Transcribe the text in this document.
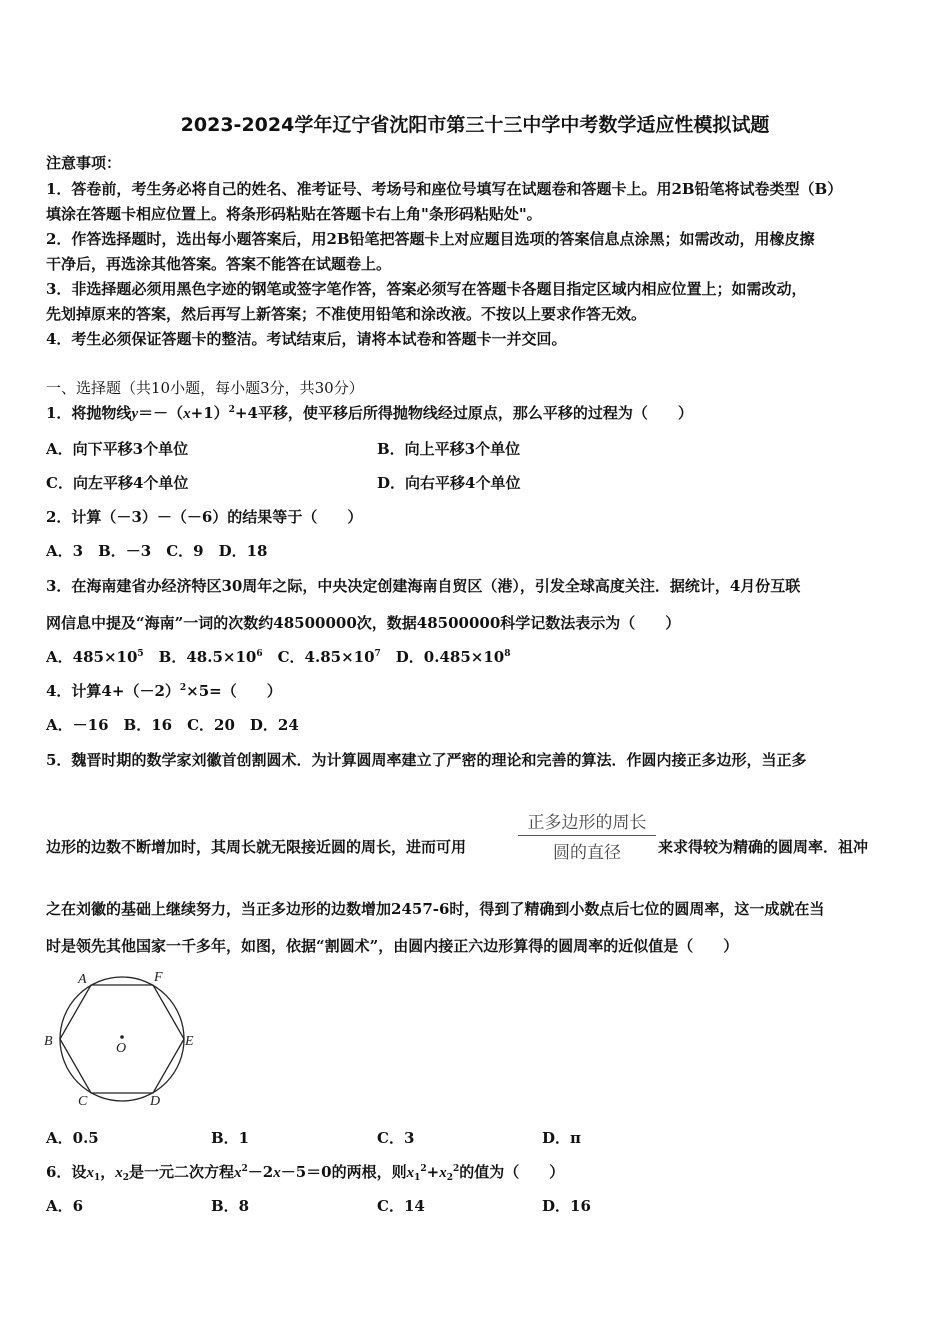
2023-2024学年辽宁省沈阳市第三十三中学中考数学适应性模拟试题
注意事项：
1．答卷前，考生务必将自己的姓名、准考证号、考场号和座位号填写在试题卷和答题卡上。用2B铅笔将试卷类型（B）
填涂在答题卡相应位置上。将条形码粘贴在答题卡右上角"条形码粘贴处"。
2．作答选择题时，选出每小题答案后，用2B铅笔把答题卡上对应题目选项的答案信息点涂黑；如需改动，用橡皮擦
干净后，再选涂其他答案。答案不能答在试题卷上。
3．非选择题必须用黑色字迹的钢笔或签字笔作答，答案必须写在答题卡各题目指定区域内相应位置上；如需改动，
先划掉原来的答案，然后再写上新答案；不准使用铅笔和涂改液。不按以上要求作答无效。
4．考生必须保证答题卡的整洁。考试结束后，请将本试卷和答题卡一并交回。
一、选择题（共10小题，每小题3分，共30分）
1．将抛物线$y=-(x+1)^2+4$平移，使平移后所得抛物线经过原点，那么平移的过程为（　　）
A．向下平移3个单位	B．向上平移3个单位
C．向左平移4个单位	D．向右平移4个单位
2．计算（－3）－（－6）的结果等于（　　）
A．3　B．－3　C．9　D．18
3．在海南建省办经济特区30周年之际，中央决定创建海南自贸区（港），引发全球高度关注．据统计，4月份互联
网信息中提及“海南”一词的次数约48500000次，数据48500000科学记数法表示为（　　）
A．$485\times 10^5$　B．$48.5\times 10^6$　C．$4.85\times 10^7$　D．$0.485\times 10^8$
4．计算$4+(-2)^2\times 5=$（　　）
A．－16　B．16　C．20　D．24
5．魏晋时期的数学家刘徽首创割圆术．为计算圆周率建立了严密的理论和完善的算法．作圆内接正多边形，当正多
边形的边数不断增加时，其周长就无限接近圆的周长，进而可用
正多边形的周长
圆的直径	来求得较为精确的圆周率．祖冲
之在刘徽的基础上继续努力，当正多边形的边数增加2457-6时，得到了精确到小数点后七位的圆周率，这一成就在当
时是领先其他国家一千多年，如图，依据“割圆术”，由圆内接正六边形算得的圆周率的近似值是（　　）
A	F
B	O	E
C	D
A．0.5	B．1	C．3	D．π
6．设$x_1$，$x_2$是一元二次方程$x^2-2x-5=0$的两根，则$x_1^2+x_2^2$的值为（　　）
A．6	B．8	C．14	D．16
